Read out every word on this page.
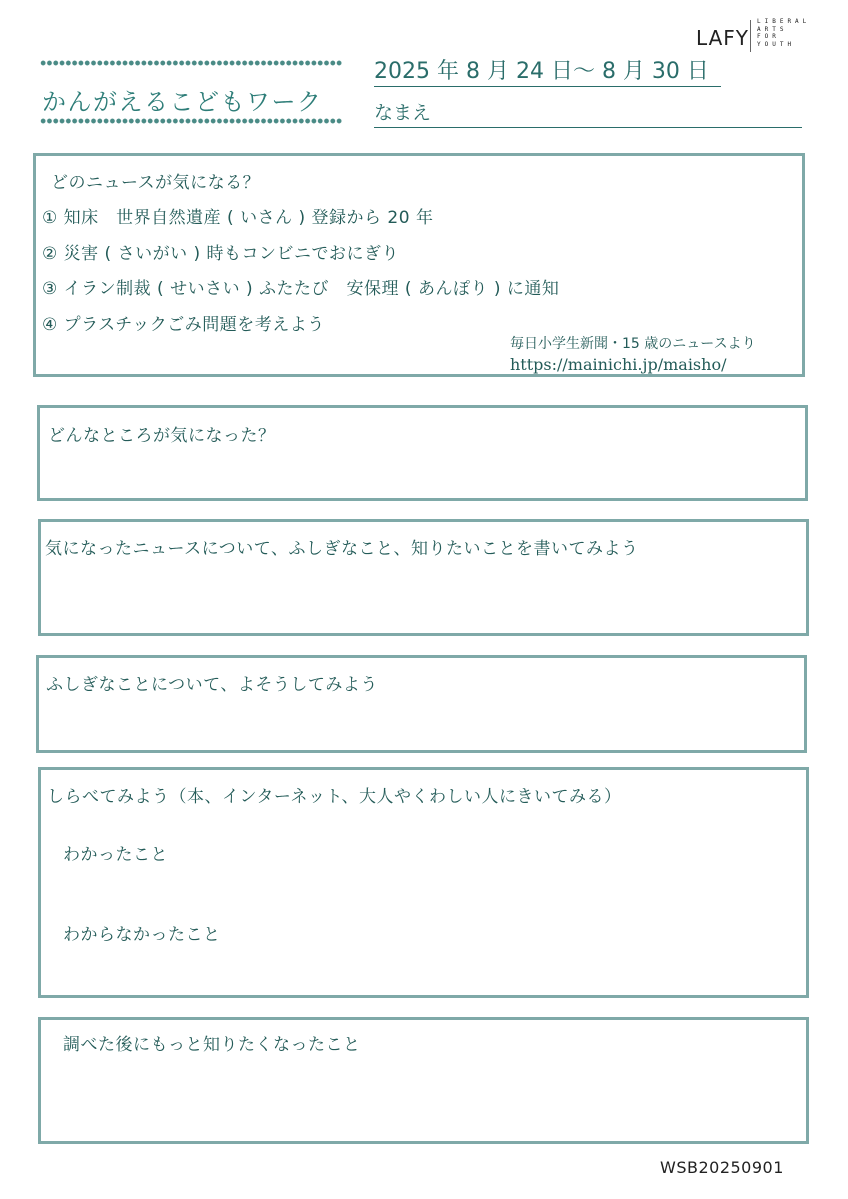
LAFY
LIBERAL
ARTS
FOR
YOUTH
かんがえるこどもワーク
2025 年 8 月 24 日～ 8 月 30 日
なまえ
どのニュースが気になる？
① 知床　世界自然遺産 ( いさん ) 登録から 20 年
② 災害 ( さいがい ) 時もコンビニでおにぎり
③ イラン制裁 ( せいさい ) ふたたび　安保理 ( あんぽり ) に通知
④ プラスチックごみ問題を考えよう
毎日小学生新聞・15 歳のニュースより
https://mainichi.jp/maisho/
どんなところが気になった？
気になったニュースについて、ふしぎなこと、知りたいことを書いてみよう
ふしぎなことについて、よそうしてみよう
しらべてみよう（本、インターネット、大人やくわしい人にきいてみる）
わかったこと
わからなかったこと
調べた後にもっと知りたくなったこと
WSB20250901
